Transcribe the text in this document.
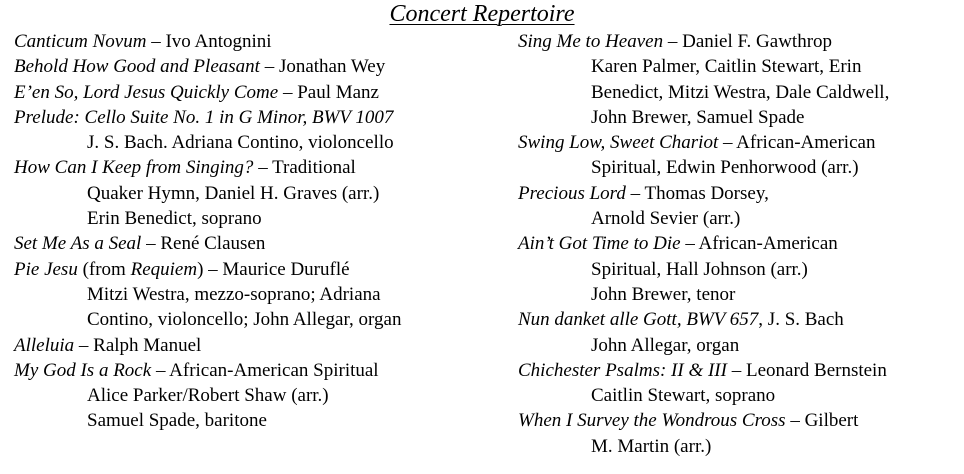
Concert Repertoire
Canticum Novum – Ivo Antognini
Behold How Good and Pleasant – Jonathan Wey
E’en So, Lord Jesus Quickly Come – Paul Manz
Prelude: Cello Suite No. 1 in G Minor, BWV 1007
J. S. Bach. Adriana Contino, violoncello
How Can I Keep from Singing? – Traditional
Quaker Hymn, Daniel H. Graves (arr.)
Erin Benedict, soprano
Set Me As a Seal – René Clausen
Pie Jesu (from Requiem) – Maurice Duruflé
Mitzi Westra, mezzo-soprano; Adriana
Contino, violoncello; John Allegar, organ
Alleluia – Ralph Manuel
My God Is a Rock – African-American Spiritual
Alice Parker/Robert Shaw (arr.)
Samuel Spade, baritone
Sing Me to Heaven – Daniel F. Gawthrop
Karen Palmer, Caitlin Stewart, Erin
Benedict, Mitzi Westra, Dale Caldwell,
John Brewer, Samuel Spade
Swing Low, Sweet Chariot – African-American
Spiritual, Edwin Penhorwood (arr.)
Precious Lord – Thomas Dorsey,
Arnold Sevier (arr.)
Ain’t Got Time to Die – African-American
Spiritual, Hall Johnson (arr.)
John Brewer, tenor
Nun danket alle Gott, BWV 657, J. S. Bach
John Allegar, organ
Chichester Psalms: II & III – Leonard Bernstein
Caitlin Stewart, soprano
When I Survey the Wondrous Cross – Gilbert
M. Martin (arr.)
